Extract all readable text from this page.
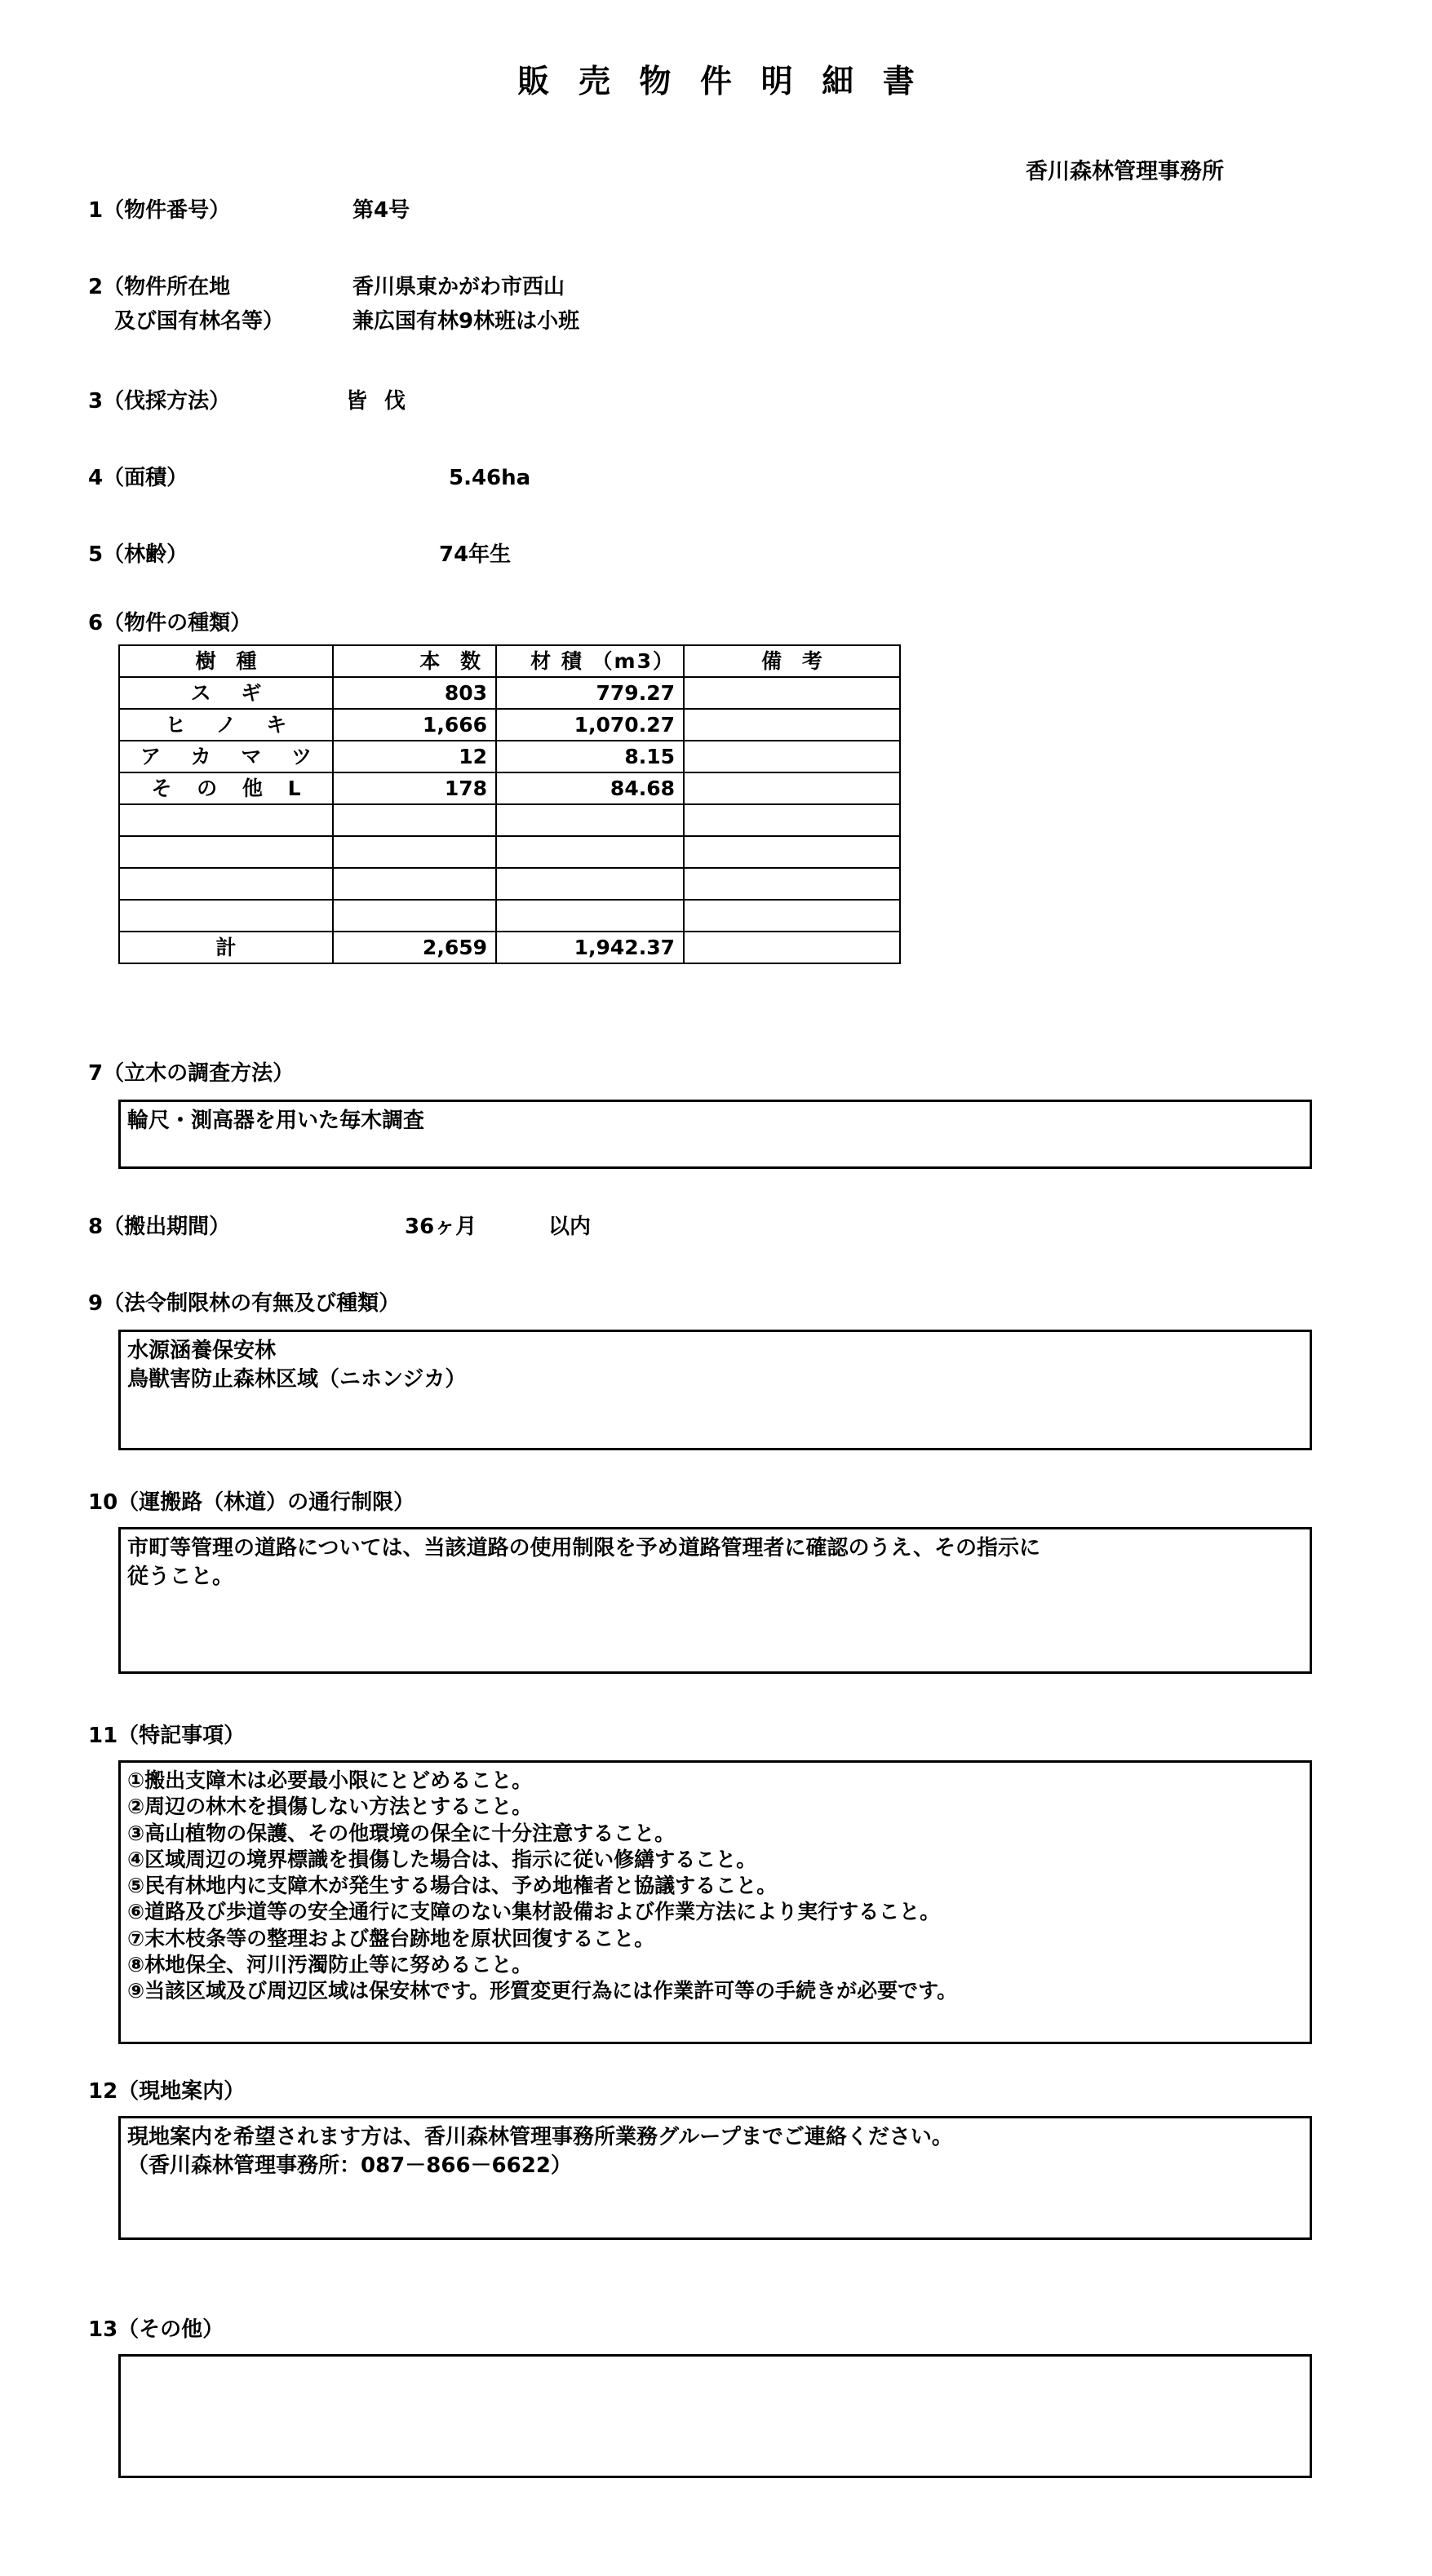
販 売 物 件 明 細 書
香川森林管理事務所
1（物件番号）	第4号
2（物件所在地
及び国有林名等）
香川県東かがわ市西山
兼広国有林9林班は小班
3（伐採方法）	皆 伐
4（面積）	5.46ha
5（林齢）	74年生
6（物件の種類）
樹 種	本 数	材 積 （m3）	備 考
ス ギ	803	779.27	
ヒ ノ キ	1,666	1,070.27	
ア カ マ ツ	12	8.15	
そ の 他 L	178	84.68	

計	2,659	1,942.37	
7（立木の調査方法）
輪尺・測高器を用いた毎木調査
8（搬出期間）	36ヶ月	以内
9（法令制限林の有無及び種類）
水源涵養保安林
鳥獣害防止森林区域（ニホンジカ）
10（運搬路（林道）の通行制限）
市町等管理の道路については、当該道路の使用制限を予め道路管理者に確認のうえ、その指示に
従うこと。
11（特記事項）
①搬出支障木は必要最小限にとどめること。
②周辺の林木を損傷しない方法とすること。
③高山植物の保護、その他環境の保全に十分注意すること。
④区域周辺の境界標識を損傷した場合は、指示に従い修繕すること。
⑤民有林地内に支障木が発生する場合は、予め地権者と協議すること。
⑥道路及び歩道等の安全通行に支障のない集材設備および作業方法により実行すること。
⑦末木枝条等の整理および盤台跡地を原状回復すること。
⑧林地保全、河川汚濁防止等に努めること。
⑨当該区域及び周辺区域は保安林です。形質変更行為には作業許可等の手続きが必要です。
12（現地案内）
現地案内を希望されます方は、香川森林管理事務所業務グループまでご連絡ください。
（香川森林管理事務所：087－866－6622）
13（その他）
